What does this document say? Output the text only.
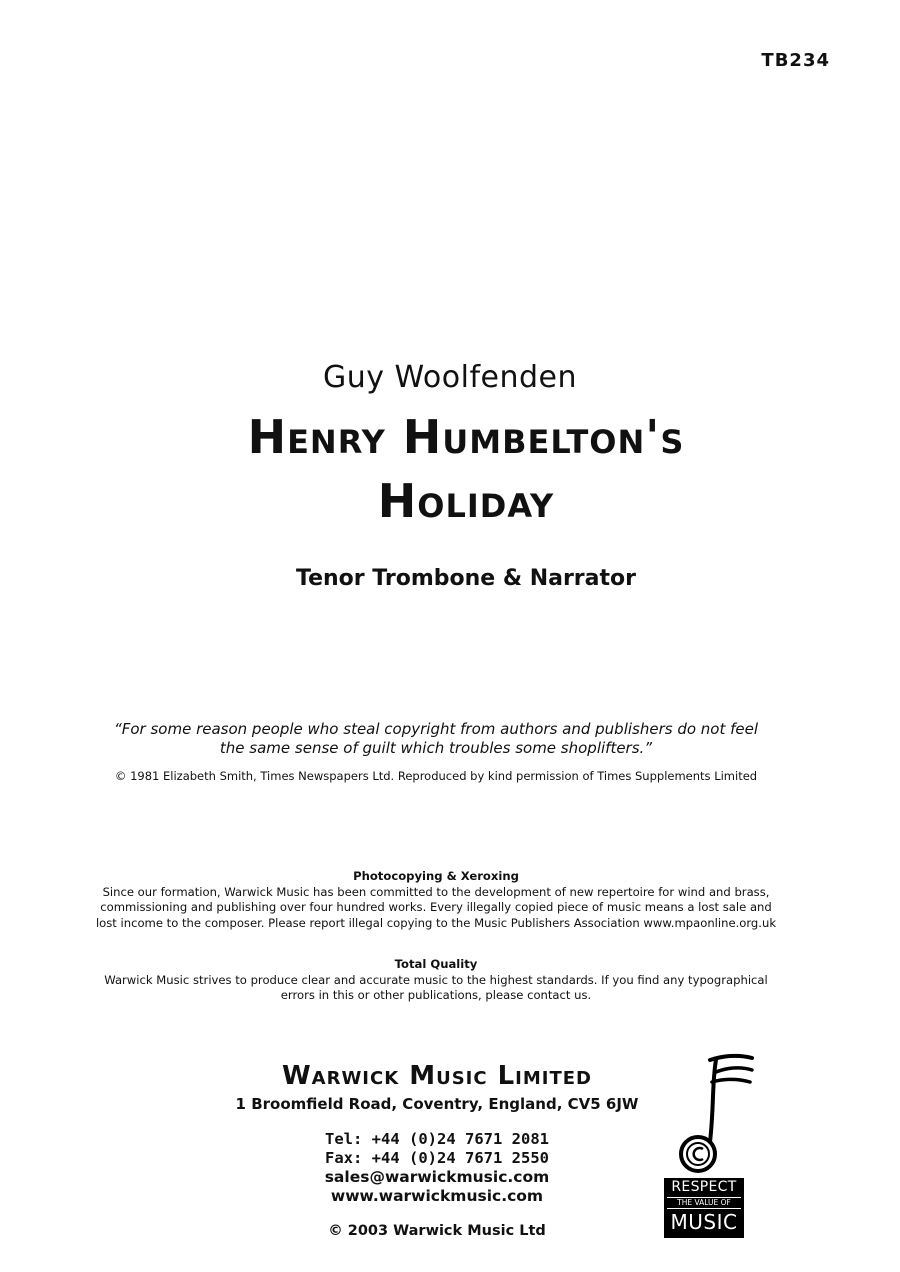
TB234
Guy Woolfenden
Henry Humbelton's
Holiday
Tenor Trombone & Narrator
“For some reason people who steal copyright from authors and publishers do not feel
the same sense of guilt which troubles some shoplifters.”
© 1981 Elizabeth Smith, Times Newspapers Ltd. Reproduced by kind permission of Times Supplements Limited
Photocopying & Xeroxing

Since our formation, Warwick Music has been committed to the development of new repertoire for wind and brass,

commissioning and publishing over four hundred works. Every illegally copied piece of music means a lost sale and

lost income to the composer. Please report illegal copying to the Music Publishers Association www.mpaonline.org.uk

Total Quality

Warwick Music strives to produce clear and accurate music to the highest standards. If you find any typographical

errors in this or other publications, please contact us.

Warwick Music Limited
1 Broomfield Road, Coventry, England, CV5 6JW
Tel: +44 (0)24 7671 2081
Fax: +44 (0)24 7671 2550
sales@warwickmusic.com
www.warwickmusic.com
© 2003 Warwick Music Ltd
RESPECT
THE VALUE OF
MUSIC
